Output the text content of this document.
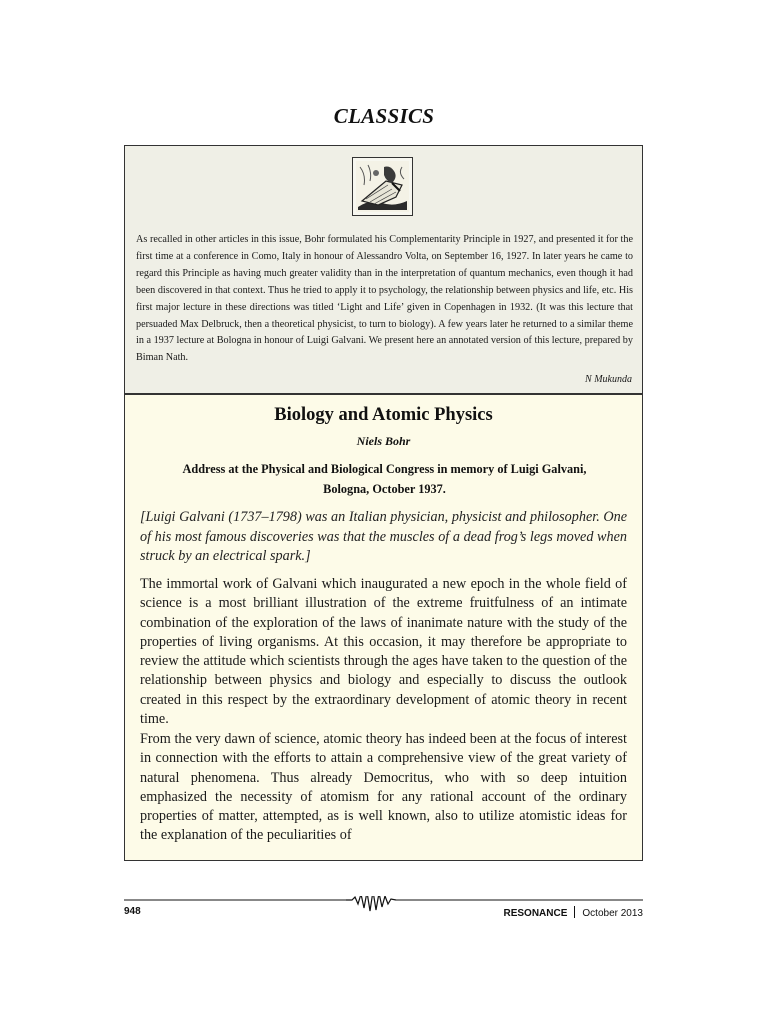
CLASSICS
As recalled in other articles in this issue, Bohr formulated his Complementarity Principle in 1927, and presented it for the first time at a conference in Como, Italy in honour of Alessandro Volta, on September 16, 1927. In later years he came to regard this Principle as having much greater validity than in the interpretation of quantum mechanics, even though it had been discovered in that context. Thus he tried to apply it to psychology, the relationship between physics and life, etc. His first major lecture in these directions was titled ‘Light and Life’ given in Copenhagen in 1932. (It was this lecture that persuaded Max Delbruck, then a theoretical physicist, to turn to biology). A few years later he returned to a similar theme in a 1937 lecture at Bologna in honour of Luigi Galvani. We present here an annotated version of this lecture, prepared by Biman Nath.
N Mukunda
Biology and Atomic Physics
Niels Bohr
Address at the Physical and Biological Congress in memory of Luigi Galvani,
Bologna, October 1937.
[Luigi Galvani (1737–1798) was an Italian physician, physicist and philosopher. One of his most famous discoveries was that the muscles of a dead frog’s legs moved when struck by an electrical spark.]
The immortal work of Galvani which inaugurated a new epoch in the whole field of science is a most brilliant illustration of the extreme fruitfulness of an intimate combination of the exploration of the laws of inanimate nature with the study of the properties of living organisms. At this occasion, it may therefore be appropriate to review the attitude which scientists through the ages have taken to the question of the relationship between physics and biology and especially to discuss the outlook created in this respect by the extraordinary development of atomic theory in recent time.
From the very dawn of science, atomic theory has indeed been at the focus of interest in connection with the efforts to attain a comprehensive view of the great variety of natural phenomena. Thus already Democritus, who with so deep intuition emphasized the necessity of atomism for any rational account of the ordinary properties of matter, attempted, as is well known, also to utilize atomistic ideas for the explanation of the peculiarities of
948	RESONANCE October 2013
